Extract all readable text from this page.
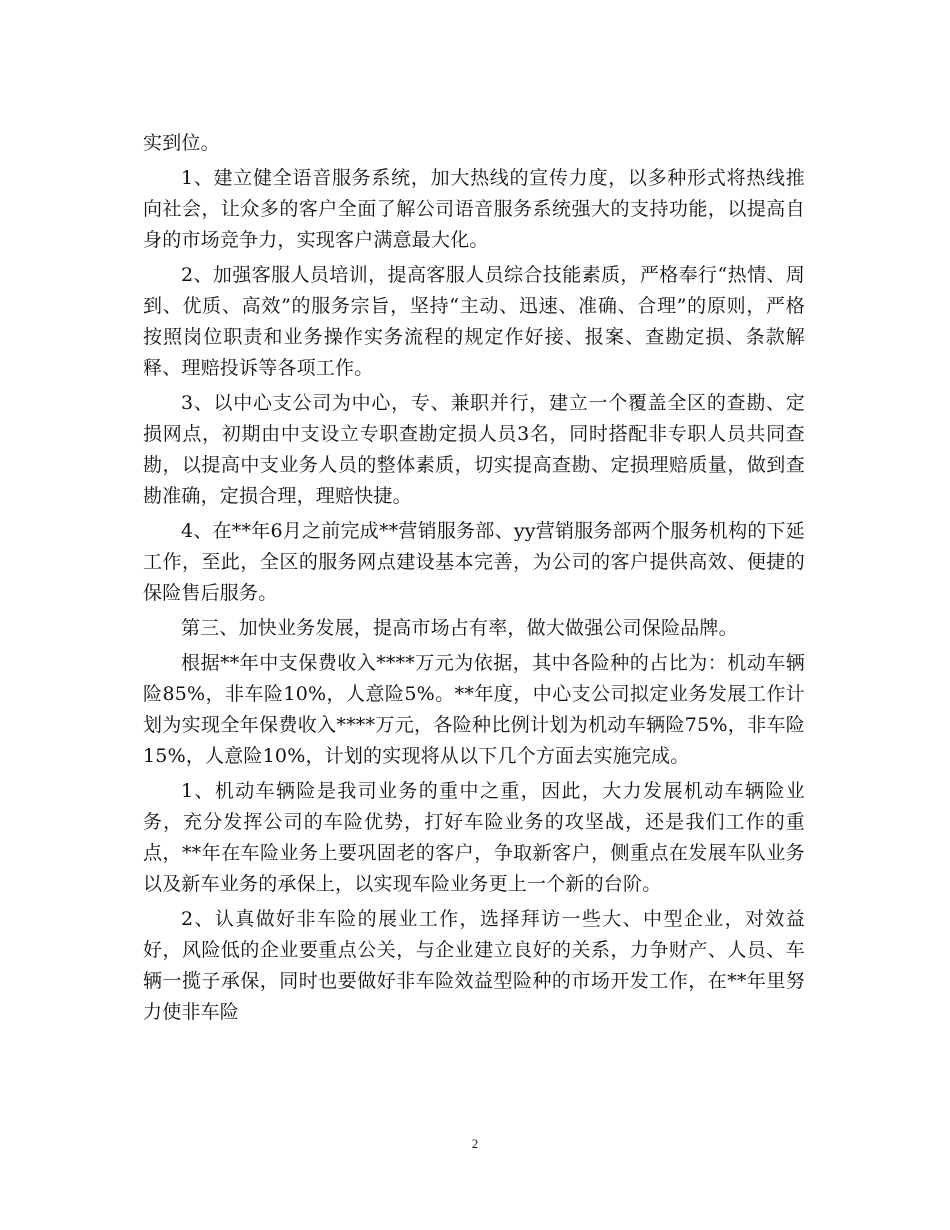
实到位。

1、建立健全语音服务系统，加大热线的宣传力度，以多种形式将热线推向社会，让众多的客户全面了解公司语音服务系统强大的支持功能，以提高自身的市场竞争力，实现客户满意最大化。

2、加强客服人员培训，提高客服人员综合技能素质，严格奉行“热情、周到、优质、高效”的服务宗旨，坚持“主动、迅速、准确、合理”的原则，严格按照岗位职责和业务操作实务流程的规定作好接、报案、查勘定损、条款解释、理赔投诉等各项工作。

3、以中心支公司为中心，专、兼职并行，建立一个覆盖全区的查勘、定损网点，初期由中支设立专职查勘定损人员3名，同时搭配非专职人员共同查勘，以提高中支业务人员的整体素质，切实提高查勘、定损理赔质量，做到查勘准确，定损合理，理赔快捷。

4、在**年6月之前完成**营销服务部、yy营销服务部两个服务机构的下延工作，至此，全区的服务网点建设基本完善，为公司的客户提供高效、便捷的保险售后服务。

第三、加快业务发展，提高市场占有率，做大做强公司保险品牌。

根据**年中支保费收入****万元为依据，其中各险种的占比为：机动车辆险85%，非车险10%，人意险5%。**年度，中心支公司拟定业务发展工作计划为实现全年保费收入****万元，各险种比例计划为机动车辆险75%，非车险15%，人意险10%，计划的实现将从以下几个方面去实施完成。

1、机动车辆险是我司业务的重中之重，因此，大力发展机动车辆险业务，充分发挥公司的车险优势，打好车险业务的攻坚战，还是我们工作的重点，**年在车险业务上要巩固老的客户，争取新客户，侧重点在发展车队业务以及新车业务的承保上，以实现车险业务更上一个新的台阶。

2、认真做好非车险的展业工作，选择拜访一些大、中型企业，对效益好，风险低的企业要重点公关，与企业建立良好的关系，力争财产、人员、车辆一揽子承保，同时也要做好非车险效益型险种的市场开发工作，在**年里努力使非车险

2
